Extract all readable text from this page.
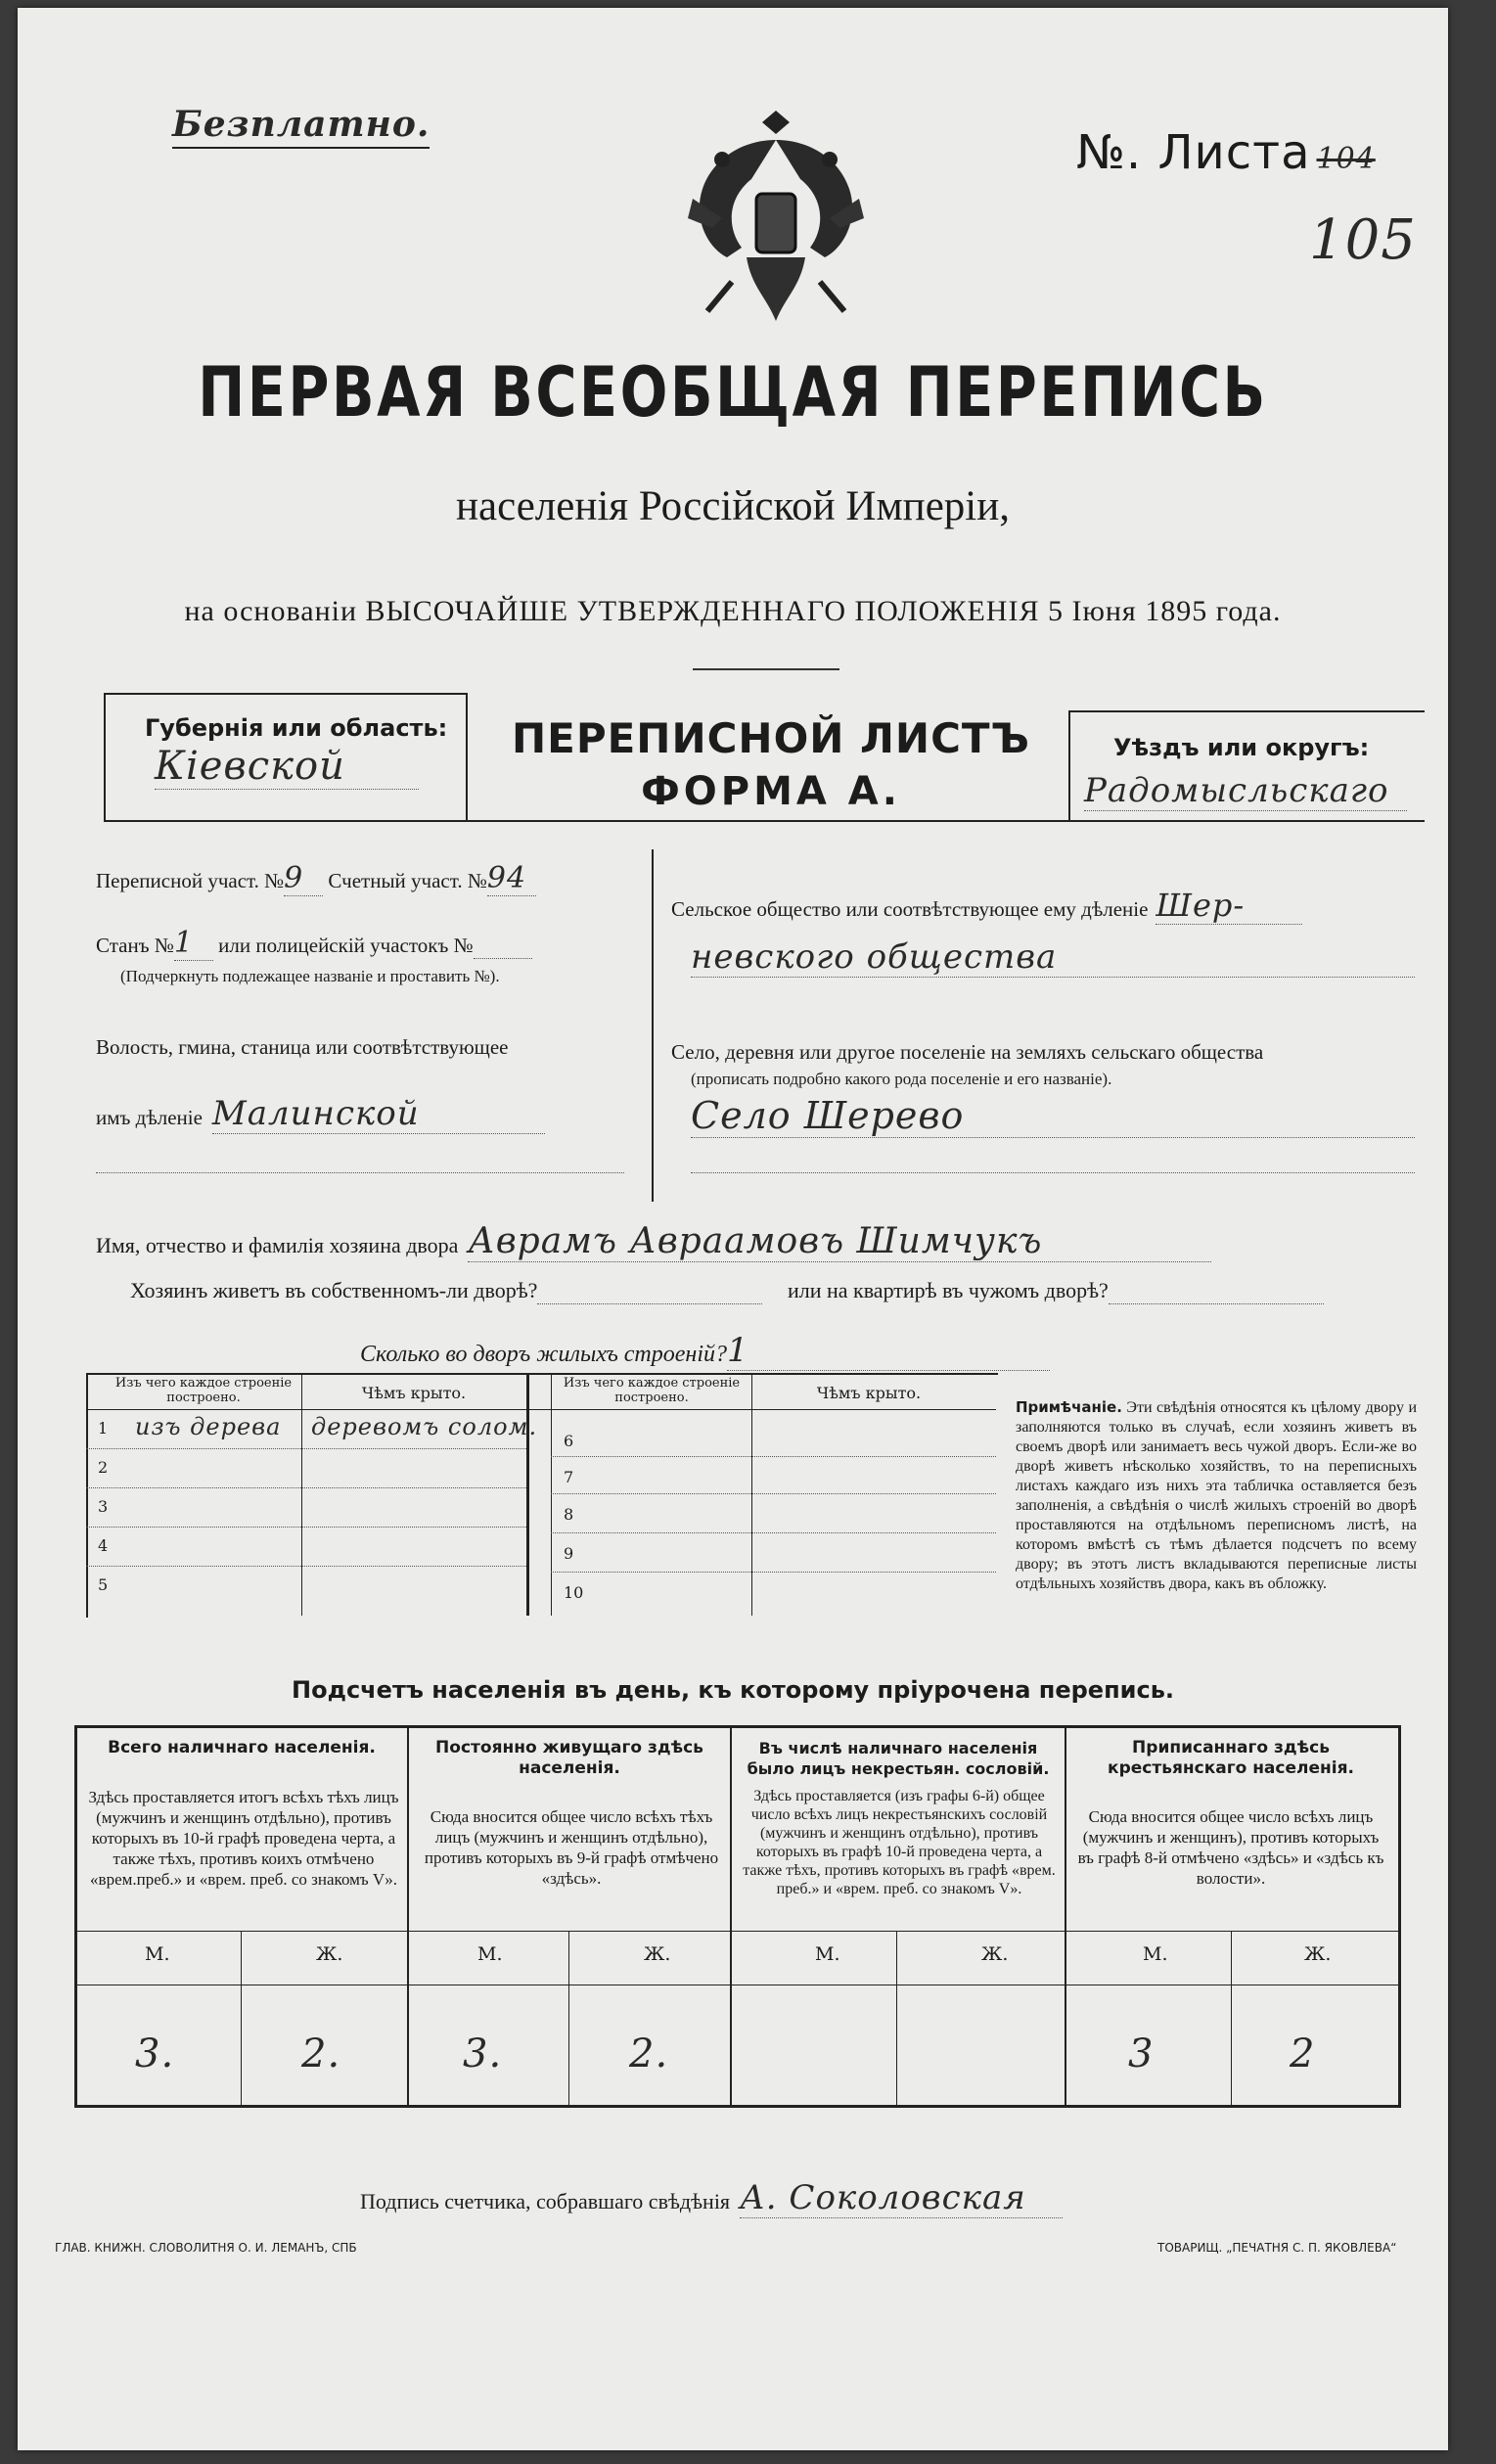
Безплатно.
№. Листа 104
105
ПЕРВАЯ ВСЕОБЩАЯ ПЕРЕПИСЬ
населенія Россійской Имперіи,
на основаніи ВЫСОЧАЙШЕ УТВЕРЖДЕННАГО ПОЛОЖЕНІЯ 5 Іюня 1895 года.
Губернія или область:
Кіевской
ПЕРЕПИСНОЙ ЛИСТЪ
ФОРМА А.
Уѣздъ или округъ:
Радомысльскаго
Переписной участ. №9 Счетный участ. №94
Станъ №1 или полицейскій участокъ №
(Подчеркнуть подлежащее названіе и проставить №).
Волость, гмина, станица или соотвѣтствующее
имъ дѣленіе Малинской
Сельское общество или соотвѣтствующее ему дѣленіе Шер-
невского общества
Село, деревня или другое поселеніе на земляхъ сельскаго общества
(прописать подробно какого рода поселеніе и его названіе).
Село Шерево
Имя, отчество и фамилія хозяина двора Аврамъ Авраамовъ Шимчукъ
Хозяинъ живетъ въ собственномъ-ли дворѣ?	или на квартирѣ въ чужомъ дворѣ?
Сколько во дворъ жилыхъ строеній?1
Изъ чего каждое строеніе построено.	Чѣмъ крыто.
Изъ чего каждое строеніе построено.	Чѣмъ крыто.
1 изъ дерева деревомъ солом.
2
3
4
5
6
7
8
9
10
Примѣчаніе. Эти свѣдѣнія относятся къ цѣлому двору и заполняются только въ случаѣ, если хозяинъ живетъ въ своемъ дворѣ или занимаетъ весь чужой дворъ. Если-же во дворѣ живетъ нѣсколько хозяйствъ, то на переписныхъ листахъ каждаго изъ нихъ эта табличка оставляется безъ заполненія, а свѣдѣнія о числѣ жилыхъ строеній во дворѣ проставляются на отдѣльномъ переписномъ листѣ, на которомъ вмѣстѣ съ тѣмъ дѣлается подсчетъ по всему двору; въ этотъ листъ вкладываются переписные листы отдѣльныхъ хозяйствъ двора, какъ въ обложку.
Подсчетъ населенія въ день, къ которому пріурочена перепись.
Всего наличнаго населенія.
Здѣсь проставляется итогъ всѣхъ тѣхъ лицъ (мужчинъ и женщинъ отдѣльно), противъ которыхъ въ 10-й графѣ проведена черта, а также тѣхъ, противъ коихъ отмѣчено «врем.преб.» и «врем. преб. со знакомъ V».
М.	Ж.
3.	2.
Постоянно живущаго здѣсь населенія.
Сюда вносится общее число всѣхъ тѣхъ лицъ (мужчинъ и женщинъ отдѣльно), противъ которыхъ въ 9-й графѣ отмѣчено «здѣсь».
М.	Ж.
3.	2.
Въ числѣ наличнаго населенія было лицъ некрестьян. сословій.
Здѣсь проставляется (изъ графы 6-й) общее число всѣхъ лицъ некрестьянскихъ сословій (мужчинъ и женщинъ отдѣльно), противъ которыхъ въ графѣ 10-й проведена черта, а также тѣхъ, противъ которыхъ въ графѣ «врем. преб.» и «врем. преб. со знакомъ V».
М.	Ж.
Приписаннаго здѣсь крестьянскаго населенія.
Сюда вносится общее число всѣхъ лицъ (мужчинъ и женщинъ), противъ которыхъ въ графѣ 8-й отмѣчено «здѣсь» и «здѣсь къ волости».
М.	Ж.
3	2
Подпись счетчика, собравшаго свѣдѣнія А. Соколовская
ГЛАВ. КНИЖН. СЛОВОЛИТНЯ О. И. ЛЕМАНЪ, СПБ	ТОВАРИЩ. „ПЕЧАТНЯ С. П. ЯКОВЛЕВА“
